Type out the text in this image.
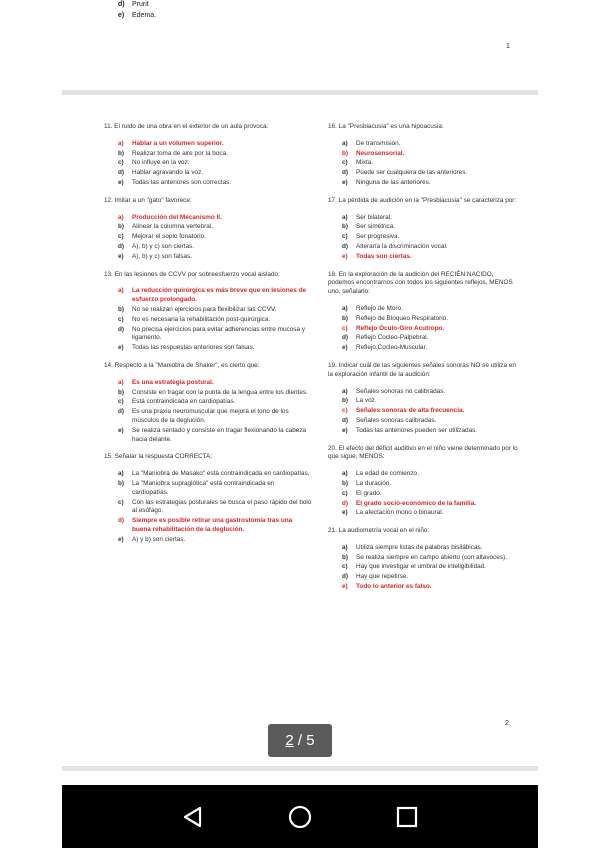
d)	Prurit
e)	Edema.
1
11. El ruido de una obra en el exterior de un aula provoca:
a)	Hablar a un volumen superior.
b)	Realizar toma de aire por la boca.
c)	No influye en la voz.
d)	Hablar agravando la voz.
e)	Todas las anteriores son correctas.
12. Imitar a un "gato" favorece:
a)	Producción del Mecanismo II.
b)	Alinear la columna vertebral.
c)	Mejorar el soplo fonatorio.
d)	A), b) y c) son ciertas.
e)	A), b) y c) son falsas.
13. En las lesiones de CCVV por sobreesfuerzo vocal aislado:
a)	La reducción quirúrgica es más breve que en lesiones de esfuerzo prolongado.
b)	No se realizan ejercicios para flexibilizar las CCVV.
c)	No es necesaria la rehabilitación post-quirúrgica.
d)	No precisa ejercicios para evitar adherencias entre mucosa y ligamento.
e)	Todas las respuestas anteriores son falsas.
14. Respecto a la "Maniobra de Shaker", es cierto que:
a)	Es una estrategia postural.
b)	Consiste en tragar con la punta de la lengua entre los dientes.
c)	Está contraindicada en cardiopatías.
d)	Es una praxia neuromuscular que mejora el tono de los músculos de la deglución.
e)	Se realiza sentado y consiste en tragar flexionando la cabeza hacia delante.
15. Señalar la respuesta CORRECTA:
a)	La "Maniobra de Masako" está contraindicada en cardiopatías.
b)	La "Maniobra supraglótica" está contraindicada en cardiopatías.
c)	Con las estrategias posturales se busca el paso rápido del bolo al esófago.
d)	Siempre es posible retirar una gastrostomía tras una buena rehabilitación de la deglución.
e)	A) y b) son ciertas.
16. La "Presbiacusia" es una hipoacusia:
a)	De transmisión.
b)	Neurosensorial.
c)	Mixta.
d)	Puede ser cualquiera de las anteriores.
e)	Ninguna de las anteriores.
17. La pérdida de audición en la "Presbiacusia" se caracteriza por:
a)	Ser bilateral.
b)	Ser simétrica.
c)	Ser progresiva.
d)	Alteraría la discriminación vocal.
e)	Todas son ciertas.
18. En la exploración de la audición del RECIÉN NACIDO, podemos encontrarnos con todos los siguientes reflejos, MENOS uno, señalarlo:
a)	Reflejo de Moro.
b)	Reflejo de Bloqueo Respiratorio.
c)	Reflejo Óculo-Giro Acutropo.
d)	Reflejo Cocleo-Palpebral.
e)	Reflejo Cocleo-Muscular.
19. Indicar cuál de las siguientes señales sonoras NO se utiliza en la exploración infantil de la audición:
a)	Señales sonoras no calibradas.
b)	La voz.
c)	Señales sonoras de alta frecuencia.
d)	Señales sonoras calibradas.
e)	Todas las anteriores pueden ser utilizadas.
20. El efecto del déficit auditivo en el niño viene determinado por lo que sigue, MENOS:
a)	La edad de comienzo.
b)	La duración.
c)	El grado.
d)	El grado socio-económico de la familia.
e)	La afectación mono o binaural.
21. La audiometría vocal en el niño:
a)	Utiliza siempre listas de palabras bisilábicas.
b)	Se realiza siempre en campo abierto (con altavoces).
c)	Hay que investigar el umbral de inteligibilidad.
d)	Hay que repetirse.
e)	Todo lo anterior es falso.
2
2 / 5
